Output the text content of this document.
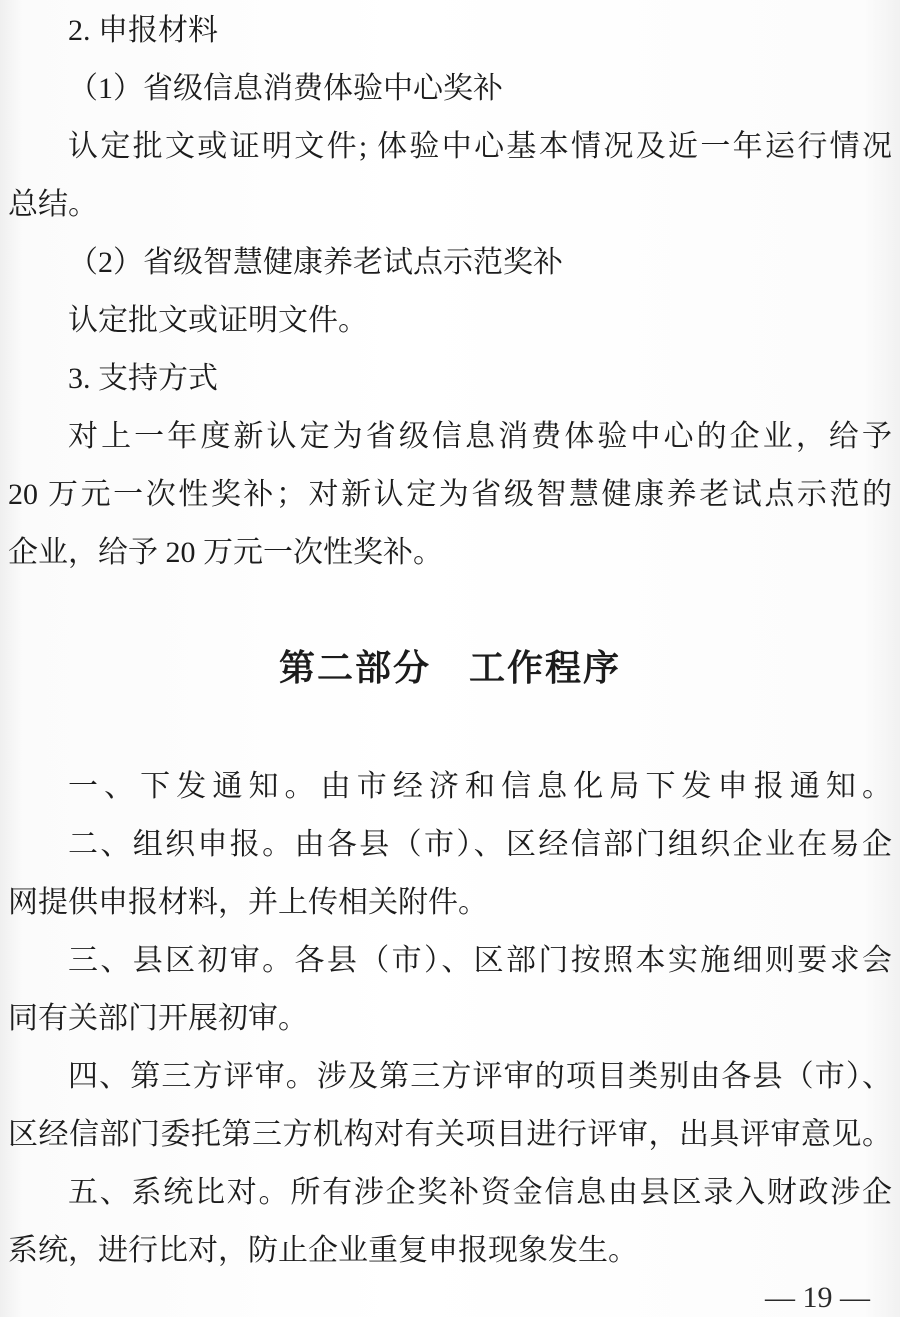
2. 申报材料
（1）省级信息消费体验中心奖补
认定批文或证明文件; 体验中心基本情况及近一年运行情况
总结。
（2）省级智慧健康养老试点示范奖补
认定批文或证明文件。
3. 支持方式
对上一年度新认定为省级信息消费体验中心的企业，给予
20 万元一次性奖补；对新认定为省级智慧健康养老试点示范的
企业，给予 20 万元一次性奖补。
第二部分　工作程序
一、下发通知。由市经济和信息化局下发申报通知。
二、组织申报。由各县（市）、区经信部门组织企业在易企
网提供申报材料，并上传相关附件。
三、县区初审。各县（市）、区部门按照本实施细则要求会
同有关部门开展初审。
四、第三方评审。涉及第三方评审的项目类别由各县（市）、
区经信部门委托第三方机构对有关项目进行评审，出具评审意见。
五、系统比对。所有涉企奖补资金信息由县区录入财政涉企
系统，进行比对，防止企业重复申报现象发生。
— 19 —
